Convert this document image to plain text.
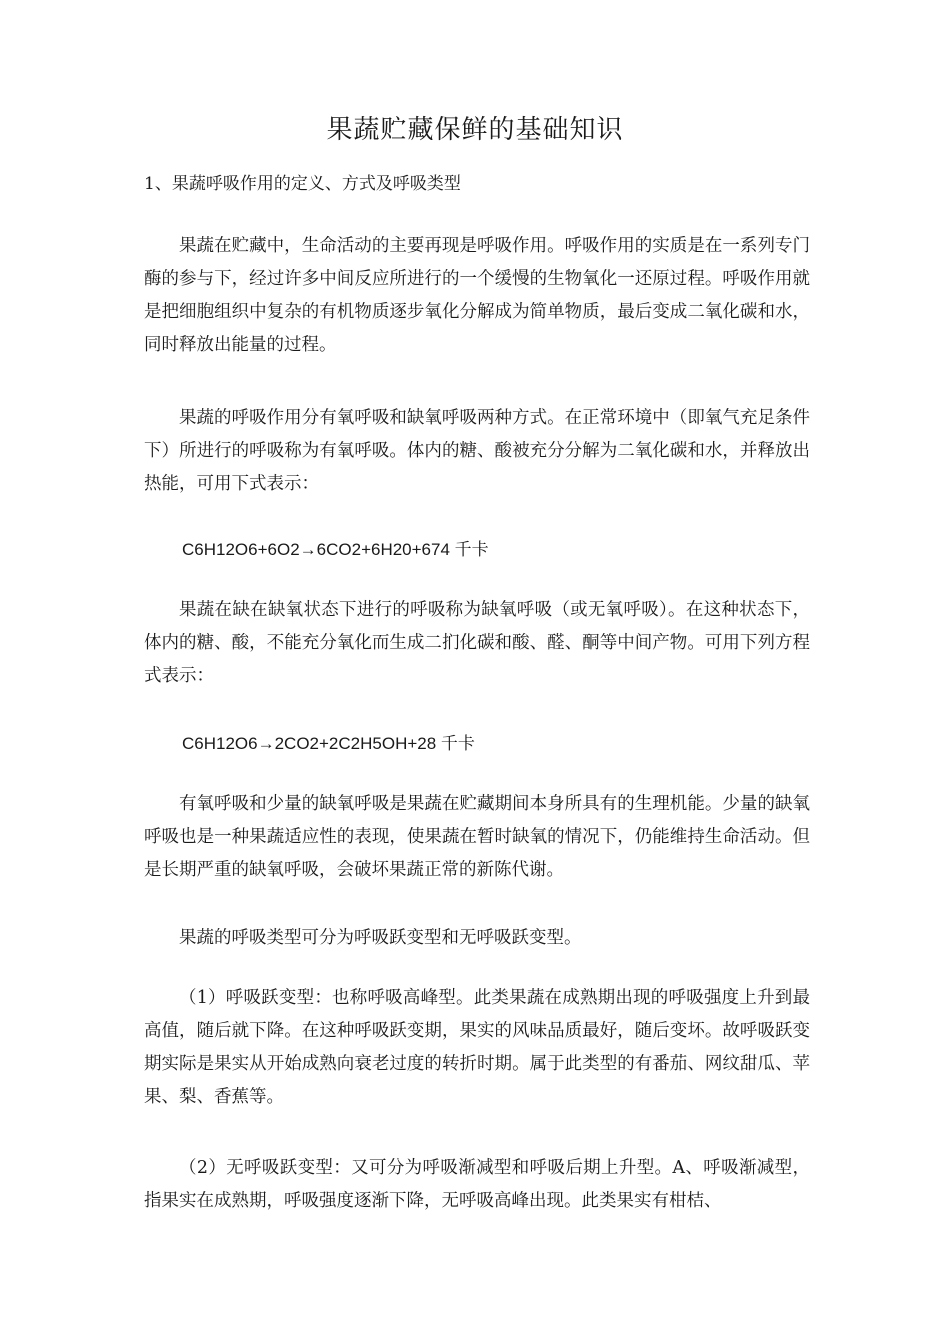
果蔬贮藏保鲜的基础知识
1、果蔬呼吸作用的定义、方式及呼吸类型
果蔬在贮藏中，生命活动的主要再现是呼吸作用。呼吸作用的实质是在一系列专门酶的参与下，经过许多中间反应所进行的一个缓慢的生物氧化一还原过程。呼吸作用就是把细胞组织中复杂的有机物质逐步氧化分解成为简单物质，最后变成二氧化碳和水，同时释放出能量的过程。
果蔬的呼吸作用分有氧呼吸和缺氧呼吸两种方式。在正常环境中（即氧气充足条件下）所进行的呼吸称为有氧呼吸。体内的糖、酸被充分分解为二氧化碳和水，并释放出热能，可用下式表示：
C6H12O6+6O2→6CO2+6H20+674 千卡
果蔬在缺在缺氧状态下进行的呼吸称为缺氧呼吸（或无氧呼吸）。在这种状态下，体内的糖、酸，不能充分氧化而生成二扪化碳和酸、醛、酮等中间产物。可用下列方程式表示：
C6H12O6→2CO2+2C2H5OH+28 千卡
有氧呼吸和少量的缺氧呼吸是果蔬在贮藏期间本身所具有的生理机能。少量的缺氧呼吸也是一种果蔬适应性的表现，使果蔬在暂时缺氧的情况下，仍能维持生命活动。但是长期严重的缺氧呼吸，会破坏果蔬正常的新陈代谢。
果蔬的呼吸类型可分为呼吸跃变型和无呼吸跃变型。
（1）呼吸跃变型：也称呼吸高峰型。此类果蔬在成熟期出现的呼吸强度上升到最高值，随后就下降。在这种呼吸跃变期，果实的风味品质最好，随后变坏。故呼吸跃变期实际是果实从开始成熟向衰老过度的转折时期。属于此类型的有番茄、网纹甜瓜、苹果、梨、香蕉等。
（2）无呼吸跃变型：又可分为呼吸渐减型和呼吸后期上升型。A、呼吸渐减型，指果实在成熟期，呼吸强度逐渐下降，无呼吸高峰出现。此类果实有柑桔、
